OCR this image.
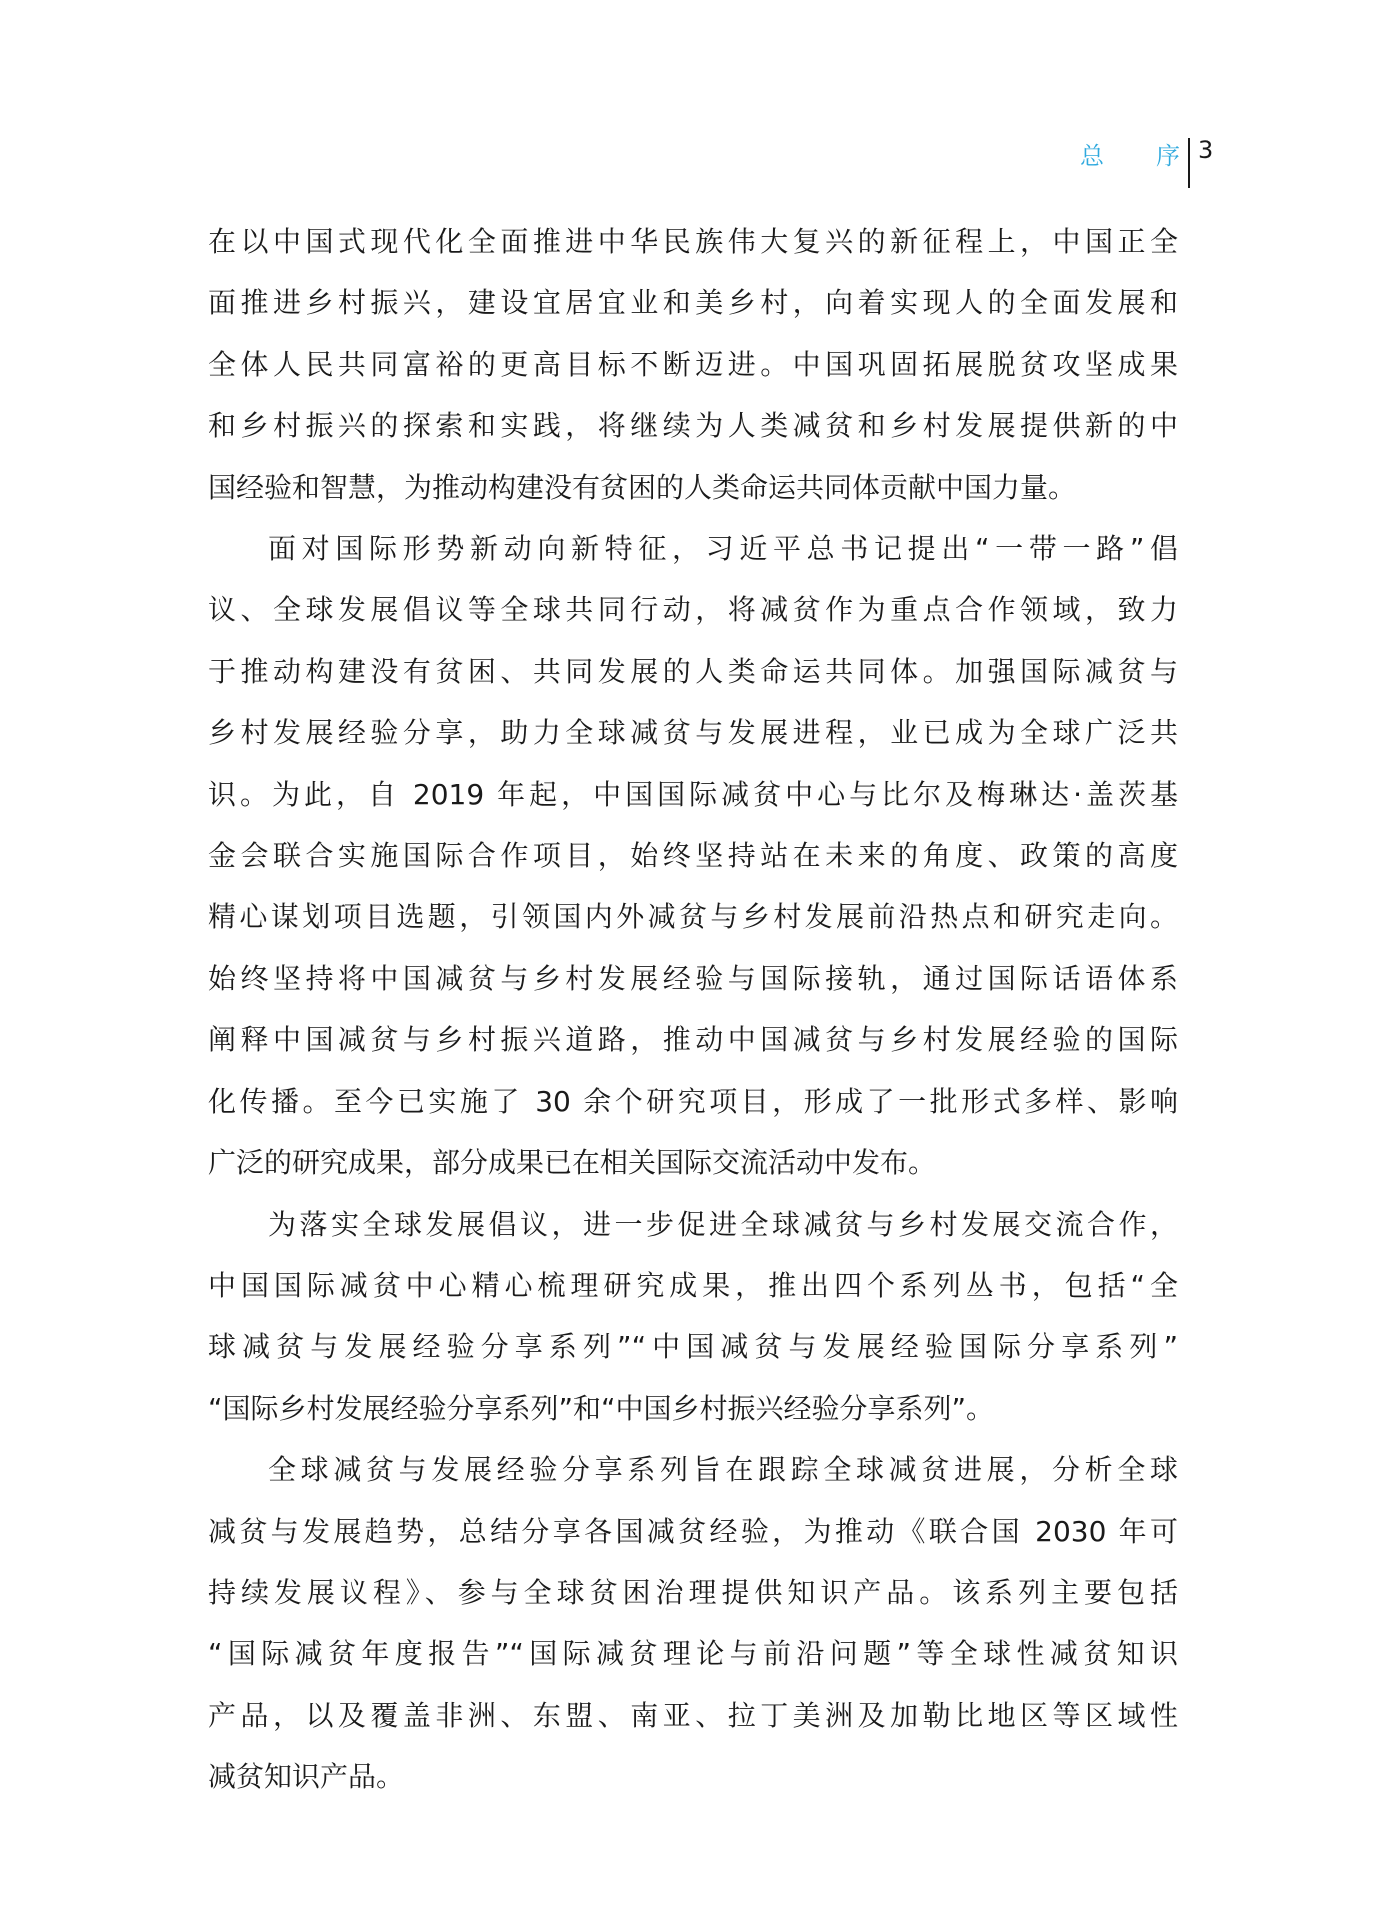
总 序 3

在以中国式现代化全面推进中华民族伟大复兴的新征程上，中国正全
面推进乡村振兴，建设宜居宜业和美乡村，向着实现人的全面发展和
全体人民共同富裕的更高目标不断迈进。中国巩固拓展脱贫攻坚成果
和乡村振兴的探索和实践，将继续为人类减贫和乡村发展提供新的中
国经验和智慧，为推动构建没有贫困的人类命运共同体贡献中国力量。

面对国际形势新动向新特征，习近平总书记提出“一带一路”倡
议、全球发展倡议等全球共同行动，将减贫作为重点合作领域，致力
于推动构建没有贫困、共同发展的人类命运共同体。加强国际减贫与
乡村发展经验分享，助力全球减贫与发展进程，业已成为全球广泛共
识。为此，自 2019 年起，中国国际减贫中心与比尔及梅琳达·盖茨基
金会联合实施国际合作项目，始终坚持站在未来的角度、政策的高度
精心谋划项目选题，引领国内外减贫与乡村发展前沿热点和研究走向。
始终坚持将中国减贫与乡村发展经验与国际接轨，通过国际话语体系
阐释中国减贫与乡村振兴道路，推动中国减贫与乡村发展经验的国际
化传播。至今已实施了 30 余个研究项目，形成了一批形式多样、影响
广泛的研究成果，部分成果已在相关国际交流活动中发布。

为落实全球发展倡议，进一步促进全球减贫与乡村发展交流合作，
中国国际减贫中心精心梳理研究成果，推出四个系列丛书，包括“全
球减贫与发展经验分享系列”“中国减贫与发展经验国际分享系列”
“国际乡村发展经验分享系列”和“中国乡村振兴经验分享系列”。

全球减贫与发展经验分享系列旨在跟踪全球减贫进展，分析全球
减贫与发展趋势，总结分享各国减贫经验，为推动《联合国 2030 年可
持续发展议程》、参与全球贫困治理提供知识产品。该系列主要包括
“国际减贫年度报告”“国际减贫理论与前沿问题”等全球性减贫知识
产品，以及覆盖非洲、东盟、南亚、拉丁美洲及加勒比地区等区域性
减贫知识产品。
